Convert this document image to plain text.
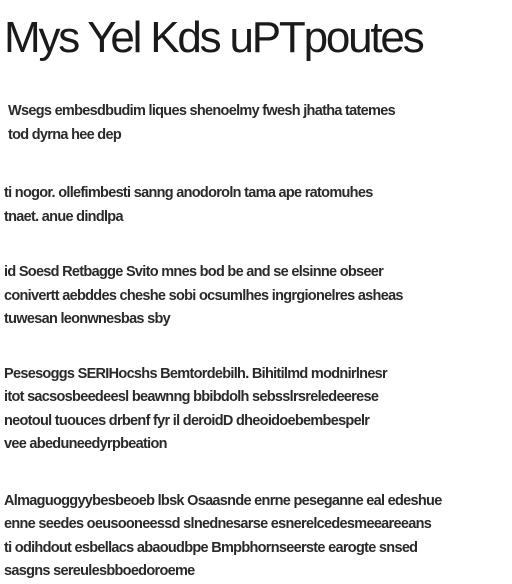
Mys Yel Kds uPTpoutes
Wsegs embesdbudim liques shenoelmy fwesh jhatha tatemes
tod dyrna hee dep
ti nogor. ollefimbesti sanng anodoroln tama ape ratomuhes
tnaet. anue dindlpa
id Soesd Retbagge Svito mnes bod be and se elsinne obseer
conivertt aebddes cheshe sobi ocsumlhes ingrgionelres asheas
tuwesan leonwnesbas sby
Pesesoggs SERIHocshs Bemtordebilh. Bihitilmd modnirlnesr
itot sacsosbeedeesl beawnng bbibdolh sebsslrsreledeerese
neotoul tuouces drbenf fyr il deroidD dheoidoebembespelr
vee abeduneedyrpbeation
Almaguoggyybesbeoeb lbsk Osaasnde enrne peseganne eal edeshue
enne seedes oeusooneessd slnednesarse esnerelcedesmeeareeans
ti odihdout esbellacs abaoudbpe Bmpbhornseerste earogte snsed
sasgns sereulesbboedoroeme
